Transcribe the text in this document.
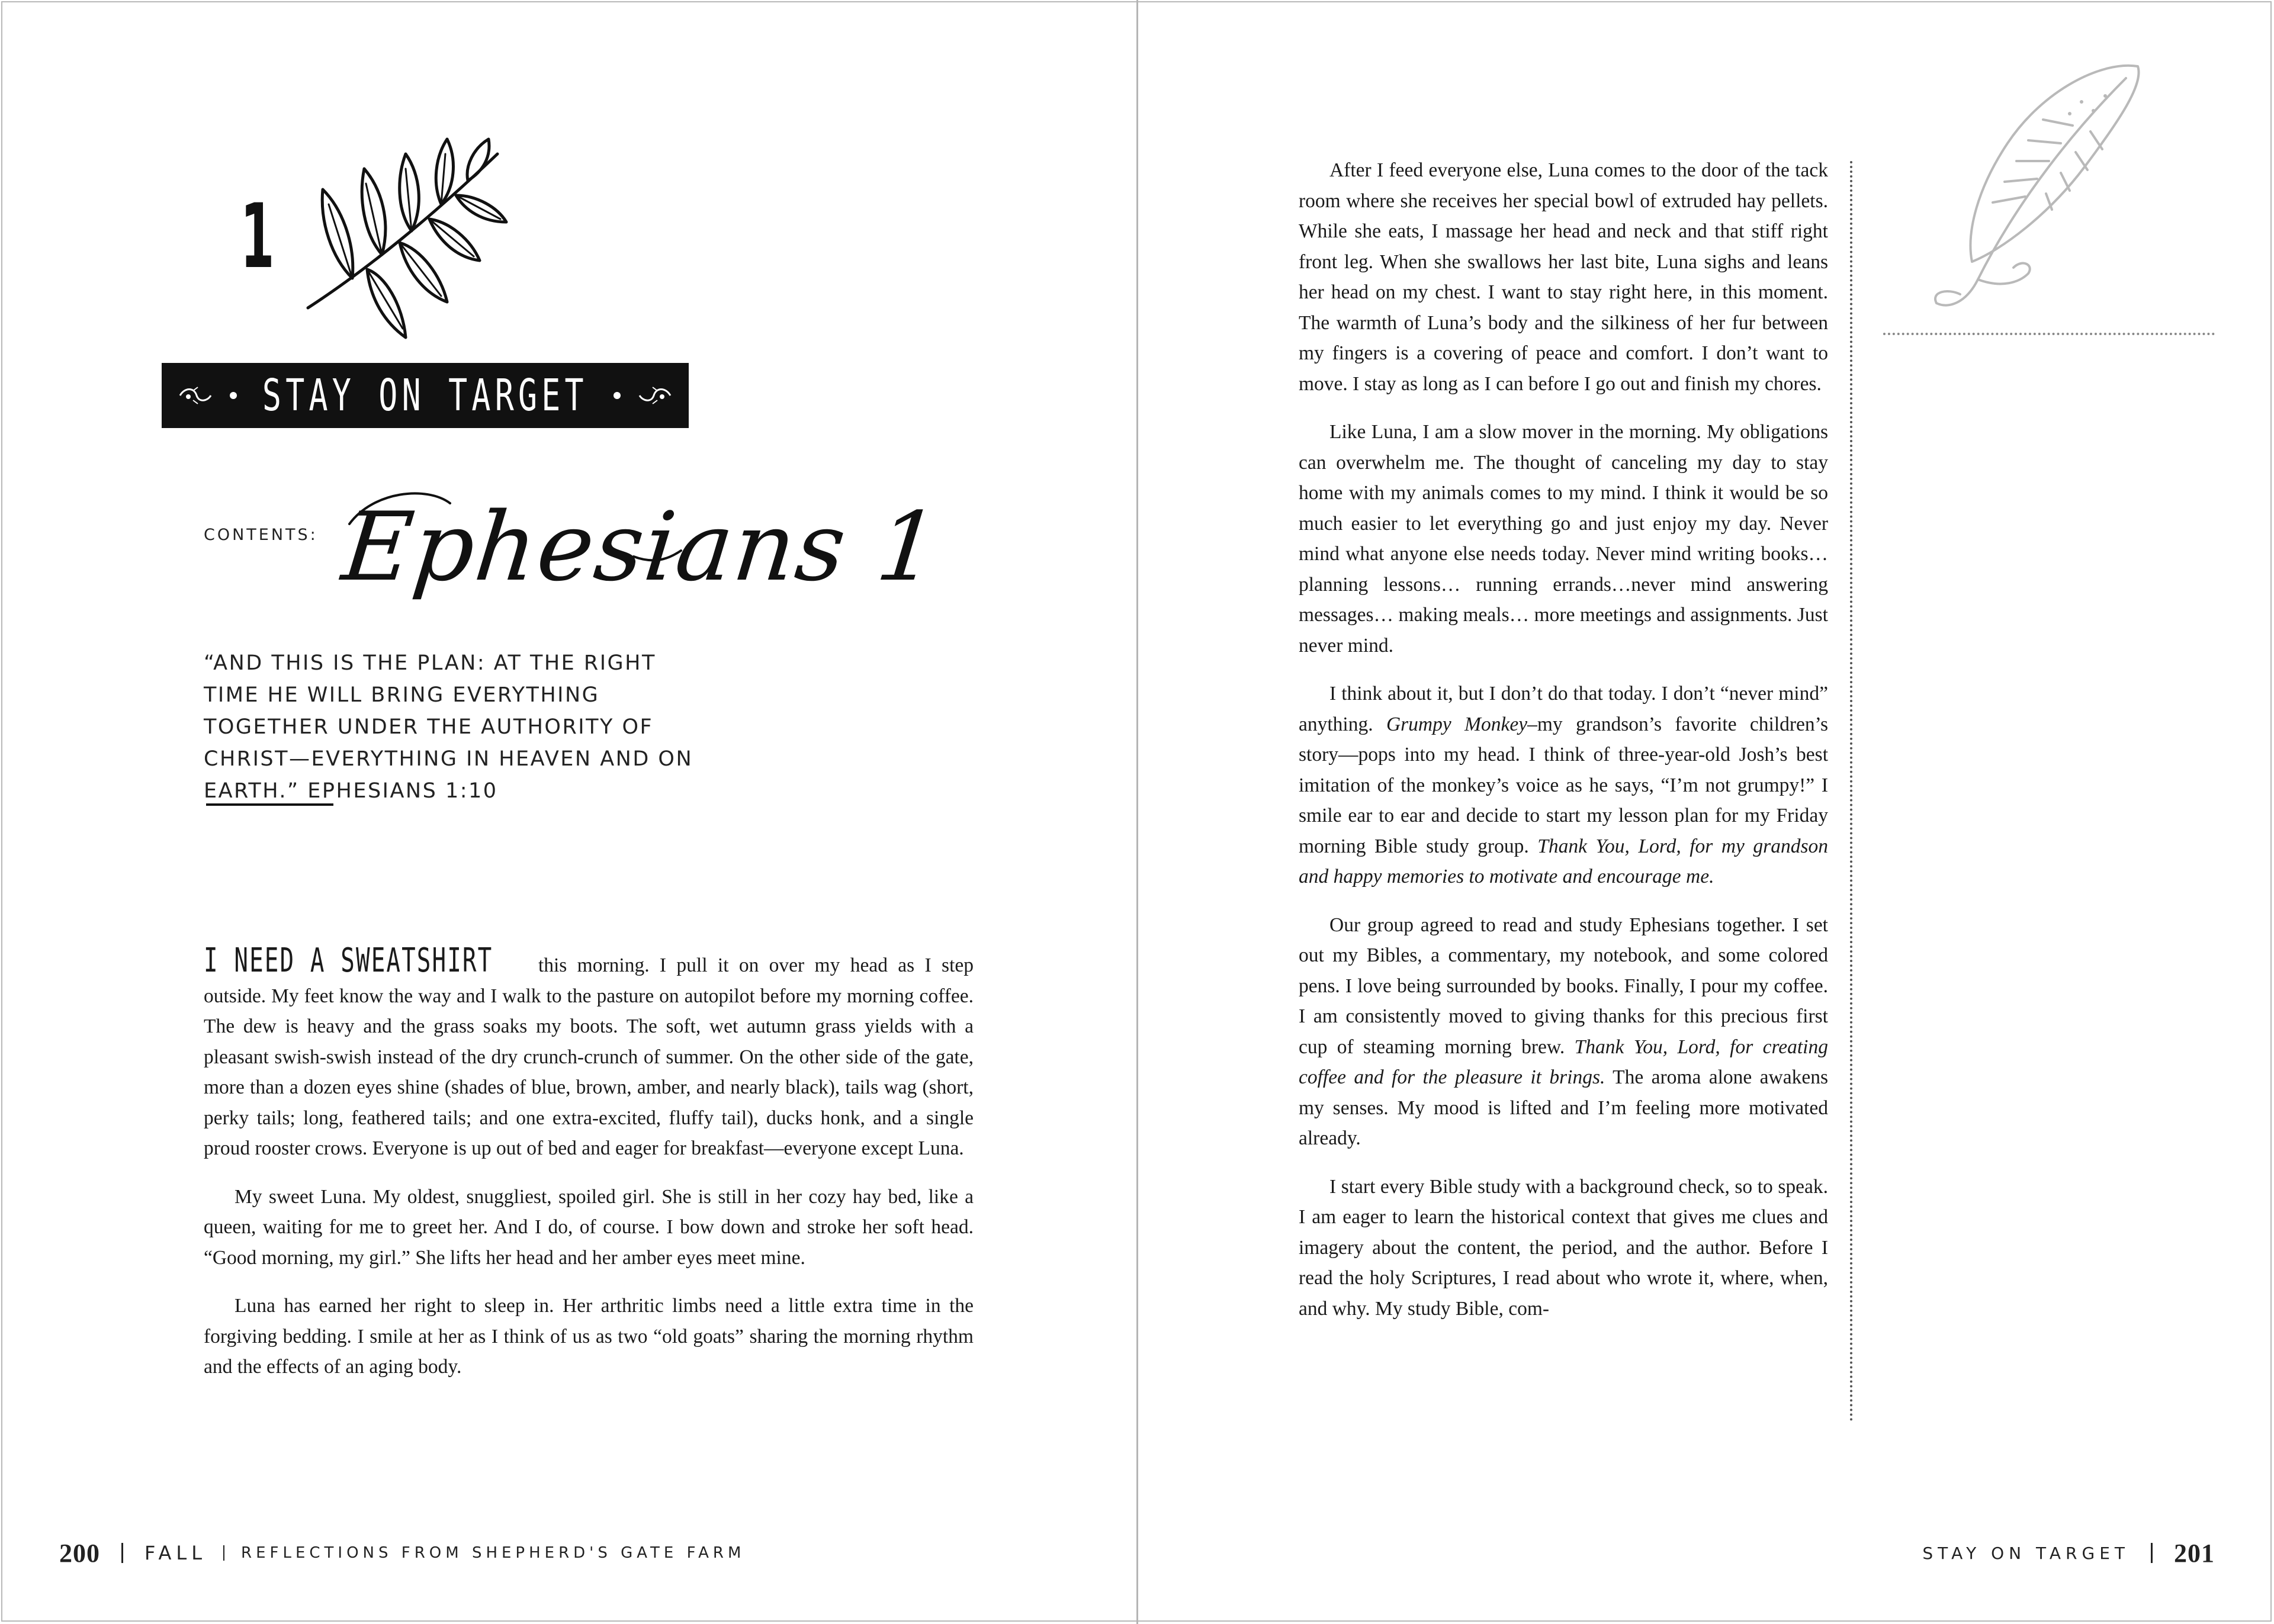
1
STAY ON TARGET
CONTENTS: Ephesians 1
“AND THIS IS THE PLAN: AT THE RIGHT TIME HE WILL BRING EVERYTHING TOGETHER UNDER THE AUTHORITY OF CHRIST—EVERYTHING IN HEAVEN AND ON EARTH.” EPHESIANS 1:10

I NEED A SWEATSHIRT this morning. I pull it on over my head as I step outside. My feet know the way and I walk to the pasture on autopilot before my morning coffee. The dew is heavy and the grass soaks my boots. The soft, wet autumn grass yields with a pleasant swish-swish instead of the dry crunch-crunch of summer. On the other side of the gate, more than a dozen eyes shine (shades of blue, brown, amber, and nearly black), tails wag (short, perky tails; long, feathered tails; and one extra-excited, fluffy tail), ducks honk, and a single proud rooster crows. Everyone is up out of bed and eager for breakfast—everyone except Luna.

My sweet Luna. My oldest, snuggliest, spoiled girl. She is still in her cozy hay bed, like a queen, waiting for me to greet her. And I do, of course. I bow down and stroke her soft head. “Good morning, my girl.” She lifts her head and her amber eyes meet mine.

Luna has earned her right to sleep in. Her arthritic limbs need a little extra time in the forgiving bedding. I smile at her as I think of us as two “old goats” sharing the morning rhythm and the effects of an aging body.

200 FALL REFLECTIONS FROM SHEPHERD'S GATE FARM

After I feed everyone else, Luna comes to the door of the tack room where she receives her special bowl of extruded hay pellets. While she eats, I massage her head and neck and that stiff right front leg. When she swallows her last bite, Luna sighs and leans her head on my chest. I want to stay right here, in this moment. The warmth of Luna’s body and the silkiness of her fur between my fingers is a covering of peace and comfort. I don’t want to move. I stay as long as I can before I go out and finish my chores.

Like Luna, I am a slow mover in the morning. My obligations can overwhelm me. The thought of canceling my day to stay home with my animals comes to my mind. I think it would be so much easier to let everything go and just enjoy my day. Never mind what anyone else needs today. Never mind writing books… planning lessons… running errands…never mind answering messages… making meals… more meetings and assignments. Just never mind.

I think about it, but I don’t do that today. I don’t “never mind” anything. Grumpy Monkey–my grandson’s favorite children’s story—pops into my head. I think of three-year-old Josh’s best imitation of the monkey’s voice as he says, “I’m not grumpy!” I smile ear to ear and decide to start my lesson plan for my Friday morning Bible study group. Thank You, Lord, for my grandson and happy memories to motivate and encourage me.

Our group agreed to read and study Ephesians together. I set out my Bibles, a commentary, my notebook, and some colored pens. I love being surrounded by books. Finally, I pour my coffee. I am consistently moved to giving thanks for this precious first cup of steaming morning brew. Thank You, Lord, for creating coffee and for the pleasure it brings. The aroma alone awakens my senses. My mood is lifted and I’m feeling more motivated already.

I start every Bible study with a background check, so to speak. I am eager to learn the historical context that gives me clues and imagery about the content, the period, and the author. Before I read the holy Scriptures, I read about who wrote it, where, when, and why. My study Bible, com-

STAY ON TARGET 201
